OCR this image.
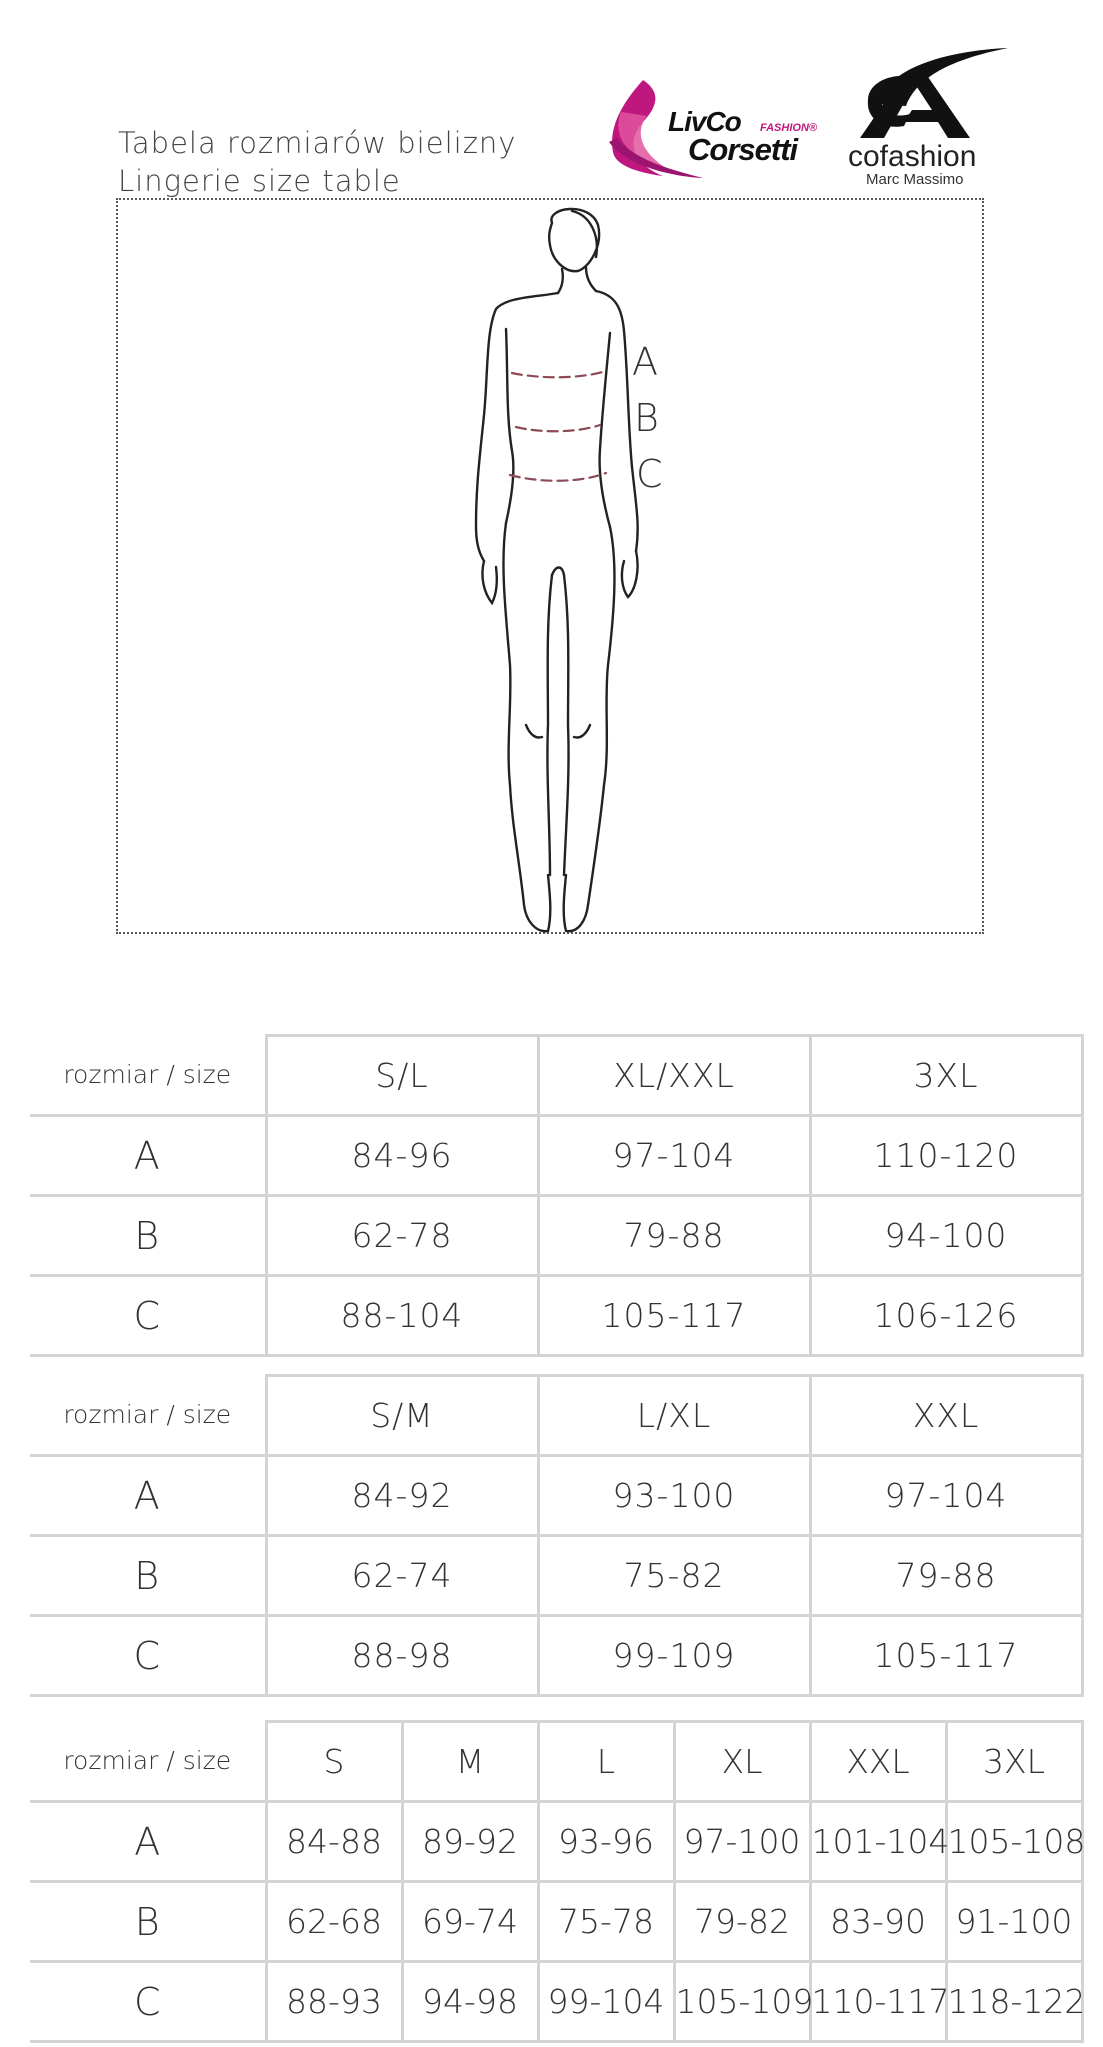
Tabela rozmiarów bielizny
Lingerie size table
LivCo FASHION®
Corsetti cofashion
Marc Massimo
A
B
C
rozmiar / size	S/L	XL/XXL	3XL
A	84-96	97-104	110-120
B	62-78	79-88	94-100
C	88-104	105-117	106-126
rozmiar / size	S/M	L/XL	XXL
A	84-92	93-100	97-104
B	62-74	75-82	79-88
C	88-98	99-109	105-117
rozmiar / size	S	M	L	XL	XXL	3XL
A	84-88	89-92	93-96	97-100	101-104	105-108
B	62-68	69-74	75-78	79-82	83-90	91-100
C	88-93	94-98	99-104	105-109	110-117	118-122
